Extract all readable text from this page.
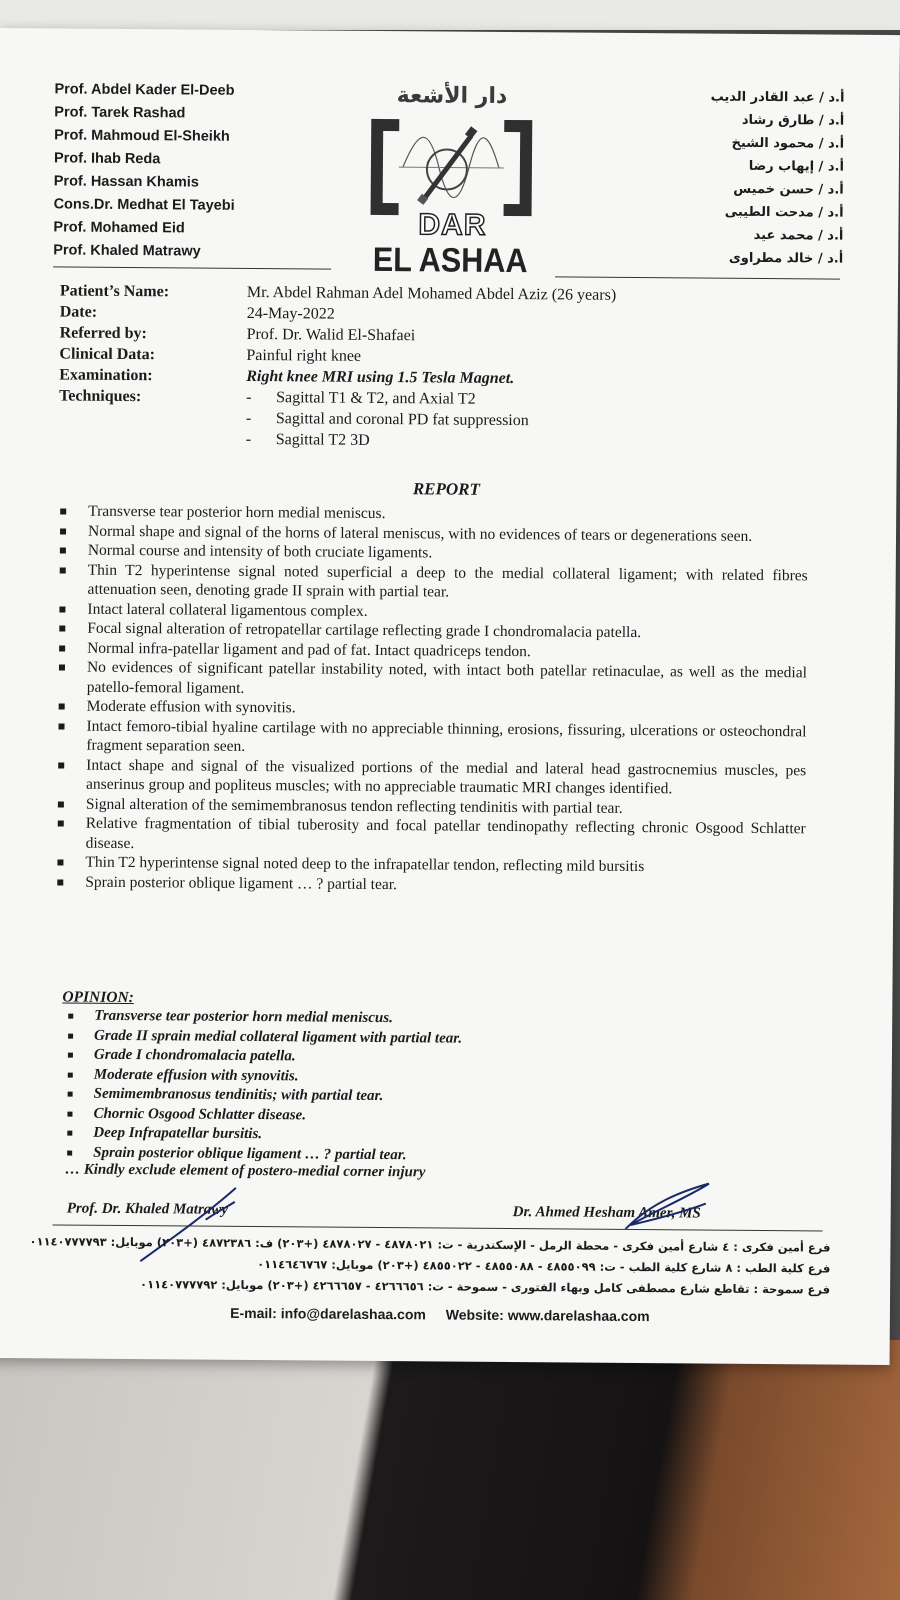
Prof. Abdel Kader El-Deeb
Prof. Tarek Rashad
Prof. Mahmoud El-Sheikh
Prof. Ihab Reda
Prof. Hassan Khamis
Cons.Dr. Medhat El Tayebi
Prof. Mohamed Eid
Prof. Khaled Matrawy
دار الأشعة
DAR
EL ASHAA
أ.د / عبد القادر الديب
أ.د / طارق رشاد
أ.د / محمود الشيخ
أ.د / إيهاب رضا
أ.د / حسن خميس
أ.د / مدحت الطيبى
أ.د / محمد عيد
أ.د / خالد مطراوى
Patient’s Name:	Mr. Abdel Rahman Adel Mohamed Abdel Aziz (26 years)
Date:	24-May-2022
Referred by:	Prof. Dr. Walid El-Shafaei
Clinical Data:	Painful right knee
Examination:	Right knee MRI using 1.5 Tesla Magnet.
Techniques:	- Sagittal T1 & T2, and Axial T2
- Sagittal and coronal PD fat suppression
- Sagittal T2 3D
REPORT
Transverse tear posterior horn medial meniscus.
Normal shape and signal of the horns of lateral meniscus, with no evidences of tears or degenerations seen.
Normal course and intensity of both cruciate ligaments.
Thin T2 hyperintense signal noted superficial a deep to the medial collateral ligament; with related fibres attenuation seen, denoting grade II sprain with partial tear.
Intact lateral collateral ligamentous complex.
Focal signal alteration of retropatellar cartilage reflecting grade I chondromalacia patella.
Normal infra-patellar ligament and pad of fat. Intact quadriceps tendon.
No evidences of significant patellar instability noted, with intact both patellar retinaculae, as well as the medial patello-femoral ligament.
Moderate effusion with synovitis.
Intact femoro-tibial hyaline cartilage with no appreciable thinning, erosions, fissuring, ulcerations or osteochondral fragment separation seen.
Intact shape and signal of the visualized portions of the medial and lateral head gastrocnemius muscles, pes anserinus group and popliteus muscles; with no appreciable traumatic MRI changes identified.
Signal alteration of the semimembranosus tendon reflecting tendinitis with partial tear.
Relative fragmentation of tibial tuberosity and focal patellar tendinopathy reflecting chronic Osgood Schlatter disease.
Thin T2 hyperintense signal noted deep to the infrapatellar tendon, reflecting mild bursitis
Sprain posterior oblique ligament … ? partial tear.
OPINION:
Transverse tear posterior horn medial meniscus.
Grade II sprain medial collateral ligament with partial tear.
Grade I chondromalacia patella.
Moderate effusion with synovitis.
Semimembranosus tendinitis; with partial tear.
Chornic Osgood Schlatter disease.
Deep Infrapatellar bursitis.
Sprain posterior oblique ligament … ? partial tear.
… Kindly exclude element of postero-medial corner injury
Prof. Dr. Khaled Matrawy	Dr. Ahmed Hesham Amer, MS
فرع أمين فكرى : ٤ شارع أمين فكرى - محطة الرمل - الإسكندرية - ت: ٤٨٧٨٠٢١ - ٤٨٧٨٠٢٧ (+٢٠٣) ف: ٤٨٧٢٣٨٦ (+٢٠٣) موبايل: ٠١١٤٠٧٧٧٧٩٣
فرع كلية الطب : ٨ شارع كلية الطب - ت: ٤٨٥٥٠٩٩ - ٤٨٥٥٠٨٨ - ٤٨٥٥٠٢٢ (+٢٠٣) موبايل: ٠١١٤٦٤٦٧٦٧
فرع سموحة : تقاطع شارع مصطفى كامل وبهاء الفتورى - سموحة - ت: ٤٢٦٦٦٥٦ - ٤٢٦٦٦٥٧ (+٢٠٣) موبايل: ٠١١٤٠٧٧٧٧٩٢
E-mail: info@darelashaa.com Website: www.darelashaa.com
